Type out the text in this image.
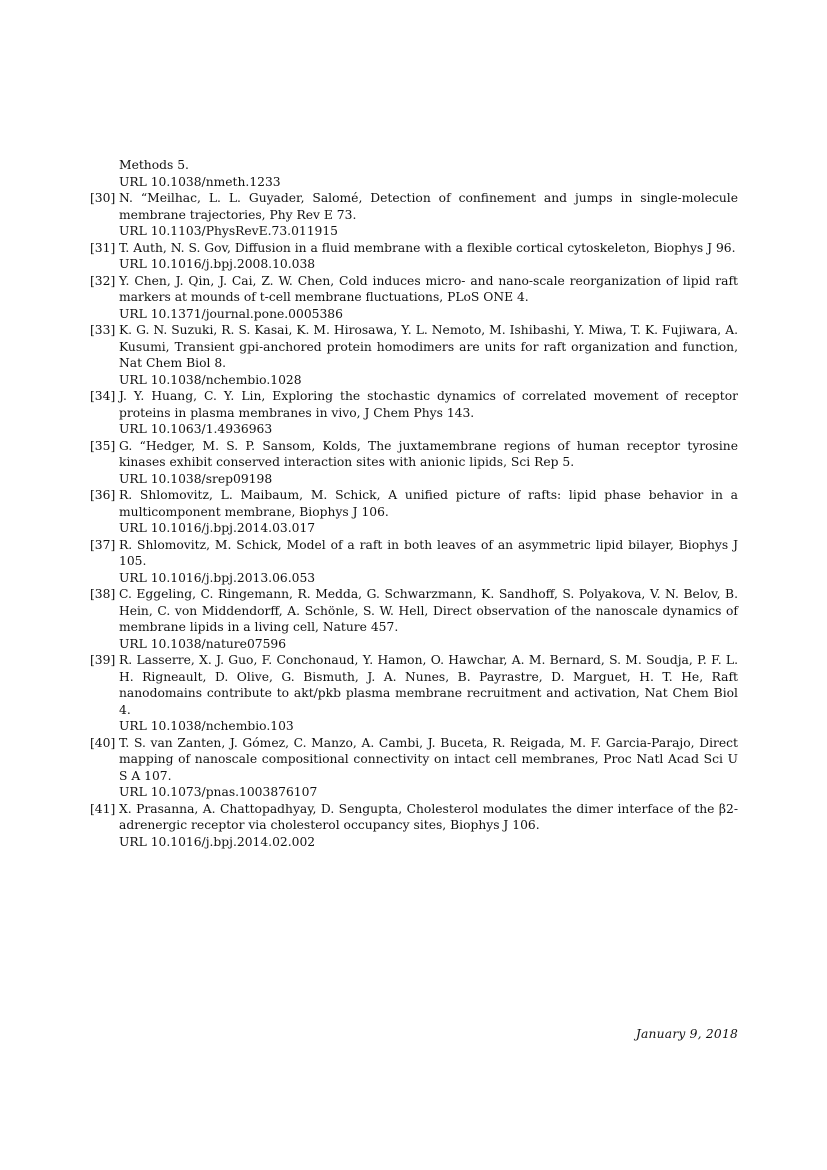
Methods 5.
URL 10.1038/nmeth.1233
[30] N. “Meilhac, L. L. Guyader, Salomé, Detection of confinement and jumps in single-molecule membrane trajectories, Phy Rev E 73.
URL 10.1103/PhysRevE.73.011915
[31] T. Auth, N. S. Gov, Diffusion in a fluid membrane with a flexible cortical cytoskeleton, Biophys J 96.
URL 10.1016/j.bpj.2008.10.038
[32] Y. Chen, J. Qin, J. Cai, Z. W. Chen, Cold induces micro- and nano-scale reorganization of lipid raft markers at mounds of t-cell membrane fluctuations, PLoS ONE 4.
URL 10.1371/journal.pone.0005386
[33] K. G. N. Suzuki, R. S. Kasai, K. M. Hirosawa, Y. L. Nemoto, M. Ishibashi, Y. Miwa, T. K. Fujiwara, A. Kusumi, Transient gpi-anchored protein homodimers are units for raft organization and function, Nat Chem Biol 8.
URL 10.1038/nchembio.1028
[34] J. Y. Huang, C. Y. Lin, Exploring the stochastic dynamics of correlated movement of receptor proteins in plasma membranes in vivo, J Chem Phys 143.
URL 10.1063/1.4936963
[35] G. “Hedger, M. S. P. Sansom, Kolds, The juxtamembrane regions of human receptor tyrosine kinases exhibit conserved interaction sites with anionic lipids, Sci Rep 5.
URL 10.1038/srep09198
[36] R. Shlomovitz, L. Maibaum, M. Schick, A unified picture of rafts: lipid phase behavior in a multicomponent membrane, Biophys J 106.
URL 10.1016/j.bpj.2014.03.017
[37] R. Shlomovitz, M. Schick, Model of a raft in both leaves of an asymmetric lipid bilayer, Biophys J 105.
URL 10.1016/j.bpj.2013.06.053
[38] C. Eggeling, C. Ringemann, R. Medda, G. Schwarzmann, K. Sandhoff, S. Polyakova, V. N. Belov, B. Hein, C. von Middendorff, A. Schönle, S. W. Hell, Direct observation of the nanoscale dynamics of membrane lipids in a living cell, Nature 457.
URL 10.1038/nature07596
[39] R. Lasserre, X. J. Guo, F. Conchonaud, Y. Hamon, O. Hawchar, A. M. Bernard, S. M. Soudja, P. F. L. H. Rigneault, D. Olive, G. Bismuth, J. A. Nunes, B. Payrastre, D. Marguet, H. T. He, Raft nanodomains contribute to akt/pkb plasma membrane recruitment and activation, Nat Chem Biol 4.
URL 10.1038/nchembio.103
[40] T. S. van Zanten, J. Gómez, C. Manzo, A. Cambi, J. Buceta, R. Reigada, M. F. Garcia-Parajo, Direct mapping of nanoscale compositional connectivity on intact cell membranes, Proc Natl Acad Sci U S A 107.
URL 10.1073/pnas.1003876107
[41] X. Prasanna, A. Chattopadhyay, D. Sengupta, Cholesterol modulates the dimer interface of the β2-adrenergic receptor via cholesterol occupancy sites, Biophys J 106.
URL 10.1016/j.bpj.2014.02.002
January 9, 2018
